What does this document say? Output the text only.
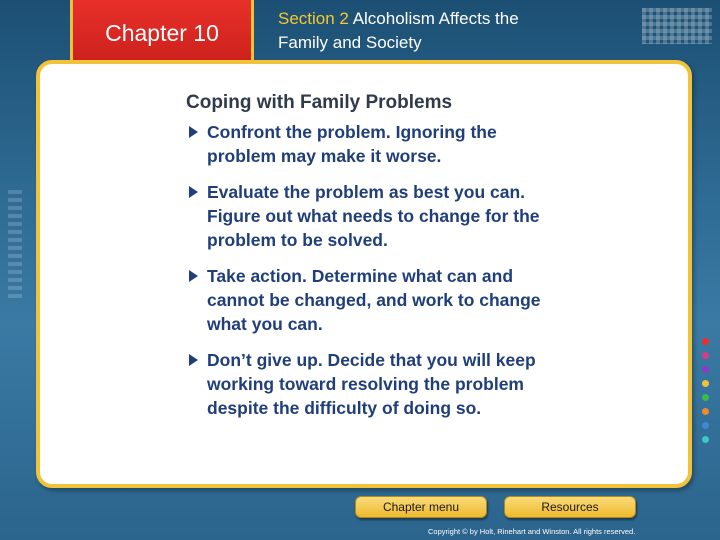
Chapter 10
Section 2 Alcoholism Affects the
Family and Society
Coping with Family Problems
Confront the problem. Ignoring the problem may make it worse.
Evaluate the problem as best you can. Figure out what needs to change for the problem to be solved.
Take action. Determine what can and cannot be changed, and work to change what you can.
Don’t give up. Decide that you will keep working toward resolving the problem despite the difficulty of doing so.
Chapter menu	Resources
Copyright © by Holt, Rinehart and Winston. All rights reserved.
